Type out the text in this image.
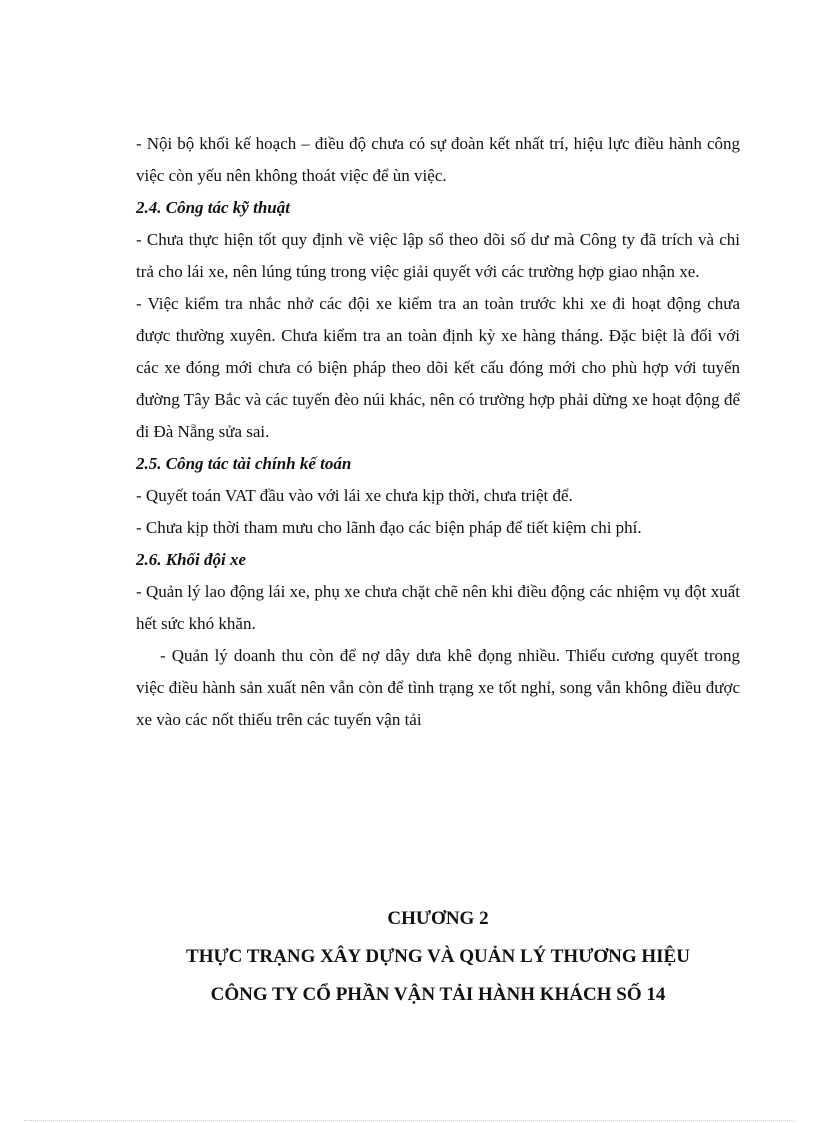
- Nội bộ khối kế hoạch – điều độ chưa có sự đoàn kết nhất trí, hiệu lực điều hành công việc còn yếu nên không thoát việc để ùn việc.

2.4. Công tác kỹ thuật

- Chưa thực hiện tốt quy định về việc lập sổ theo dõi số dư mà Công ty đã trích và chi trả cho lái xe, nên lúng túng trong việc giải quyết với các trường hợp giao nhận xe.

- Việc kiểm tra nhắc nhở các đội xe kiểm tra an toàn trước khi xe đi hoạt động chưa được thường xuyên. Chưa kiểm tra an toàn định kỳ xe hàng tháng. Đặc biệt là đối với các xe đóng mới chưa có biện pháp theo dõi kết cấu đóng mới cho phù hợp với tuyến đường Tây Bắc và các tuyến đèo núi khác, nên có trường hợp phải dừng xe hoạt động để đi Đà Nẵng sửa sai.

2.5. Công tác tài chính kế toán

- Quyết toán VAT đầu vào với lái xe chưa kịp thời, chưa triệt để.

- Chưa kịp thời tham mưu cho lãnh đạo các biện pháp để tiết kiệm chi phí.

2.6. Khối đội xe

- Quản lý lao động lái xe, phụ xe chưa chặt chẽ nên khi điều động các nhiệm vụ đột xuất hết sức khó khăn.

- Quản lý doanh thu còn để nợ dây dưa khê đọng nhiều. Thiếu cương quyết trong việc điều hành sản xuất nên vẫn còn để tình trạng xe tốt nghỉ, song vẫn không điều được xe vào các nốt thiếu trên các tuyến vận tải

CHƯƠNG 2
THỰC TRẠNG XÂY DỰNG VÀ QUẢN LÝ THƯƠNG HIỆU
CÔNG TY CỔ PHẦN VẬN TẢI HÀNH KHÁCH SỐ 14
